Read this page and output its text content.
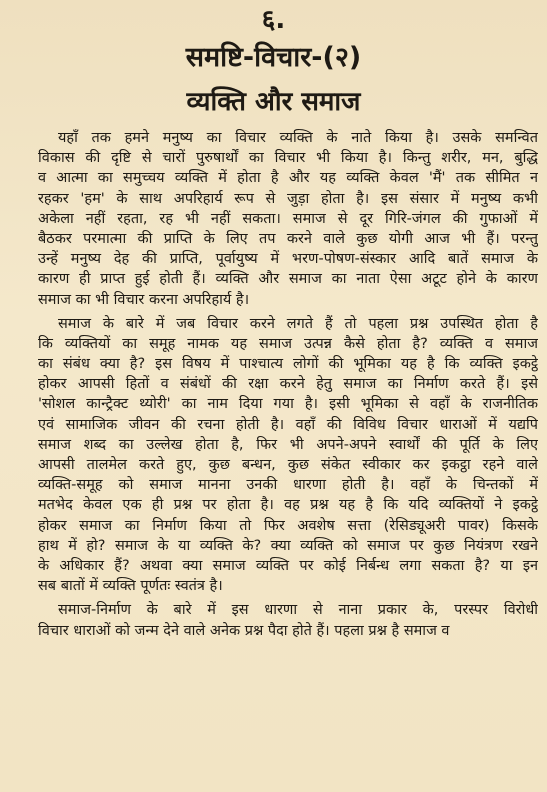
६.
समष्टि-विचार-(२)
व्यक्ति और समाज
यहाँ तक हमने मनुष्य का विचार व्यक्ति के नाते किया है। उसके समन्वित
विकास की दृष्टि से चारों पुरुषार्थों का विचार भी किया है। किन्तु शरीर, मन, बुद्धि
व आत्मा का समुच्चय व्यक्ति में होता है और यह व्यक्ति केवल 'मैं' तक सीमित न
रहकर 'हम' के साथ अपरिहार्य रूप से जुड़ा होता है। इस संसार में मनुष्य कभी
अकेला नहीं रहता, रह भी नहीं सकता। समाज से दूर गिरि-जंगल की गुफाओं में
बैठकर परमात्मा की प्राप्ति के लिए तप करने वाले कुछ योगी आज भी हैं। परन्तु
उन्हें मनुष्य देह की प्राप्ति, पूर्वायुष्य में भरण-पोषण-संस्कार आदि बातें समाज के
कारण ही प्राप्त हुई होती हैं। व्यक्ति और समाज का नाता ऐसा अटूट होने के कारण
समाज का भी विचार करना अपरिहार्य है।
समाज के बारे में जब विचार करने लगते हैं तो पहला प्रश्न उपस्थित होता है
कि व्यक्तियों का समूह नामक यह समाज उत्पन्न कैसे होता है? व्यक्ति व समाज
का संबंध क्या है? इस विषय में पाश्चात्य लोगों की भूमिका यह है कि व्यक्ति इकट्ठे
होकर आपसी हितों व संबंधों की रक्षा करने हेतु समाज का निर्माण करते हैं। इसे
'सोशल कान्ट्रैक्ट थ्योरी' का नाम दिया गया है। इसी भूमिका से वहाँ के राजनीतिक
एवं सामाजिक जीवन की रचना होती है। वहाँ की विविध विचार धाराओं में यद्यपि
समाज शब्द का उल्लेख होता है, फिर भी अपने-अपने स्वार्थों की पूर्ति के लिए
आपसी तालमेल करते हुए, कुछ बन्धन, कुछ संकेत स्वीकार कर इकट्ठा रहने वाले
व्यक्ति-समूह को समाज मानना उनकी धारणा होती है। वहाँ के चिन्तकों में
मतभेद केवल एक ही प्रश्न पर होता है। वह प्रश्न यह है कि यदि व्यक्तियों ने इकट्ठे
होकर समाज का निर्माण किया तो फिर अवशेष सत्ता (रेसिड्यूअरी पावर) किसके
हाथ में हो? समाज के या व्यक्ति के? क्या व्यक्ति को समाज पर कुछ नियंत्रण रखने
के अधिकार हैं? अथवा क्या समाज व्यक्ति पर कोई निर्बन्ध लगा सकता है? या इन
सब बातों में व्यक्ति पूर्णतः स्वतंत्र है।
समाज-निर्माण के बारे में इस धारणा से नाना प्रकार के, परस्पर विरोधी
विचार धाराओं को जन्म देने वाले अनेक प्रश्न पैदा होते हैं। पहला प्रश्न है समाज व
